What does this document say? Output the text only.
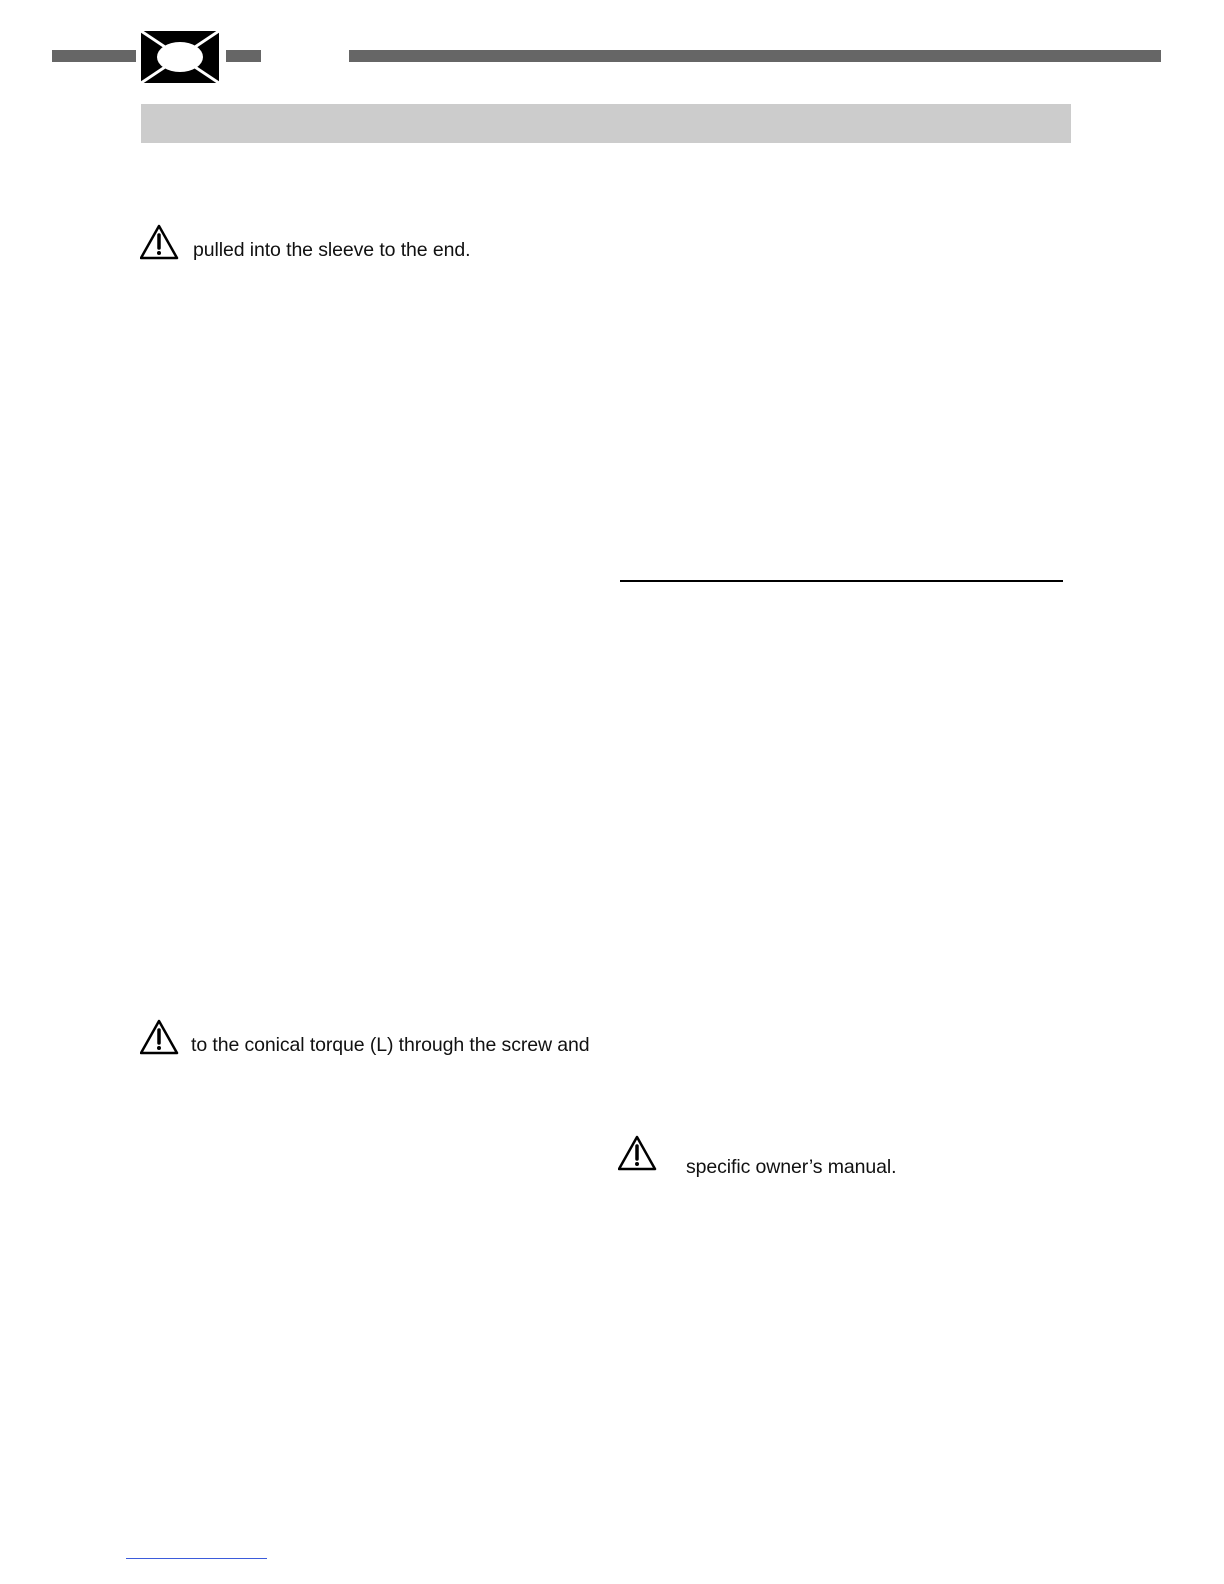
pulled into the sleeve to the end.
to the conical torque (L) through the screw and
specific owner’s manual.
